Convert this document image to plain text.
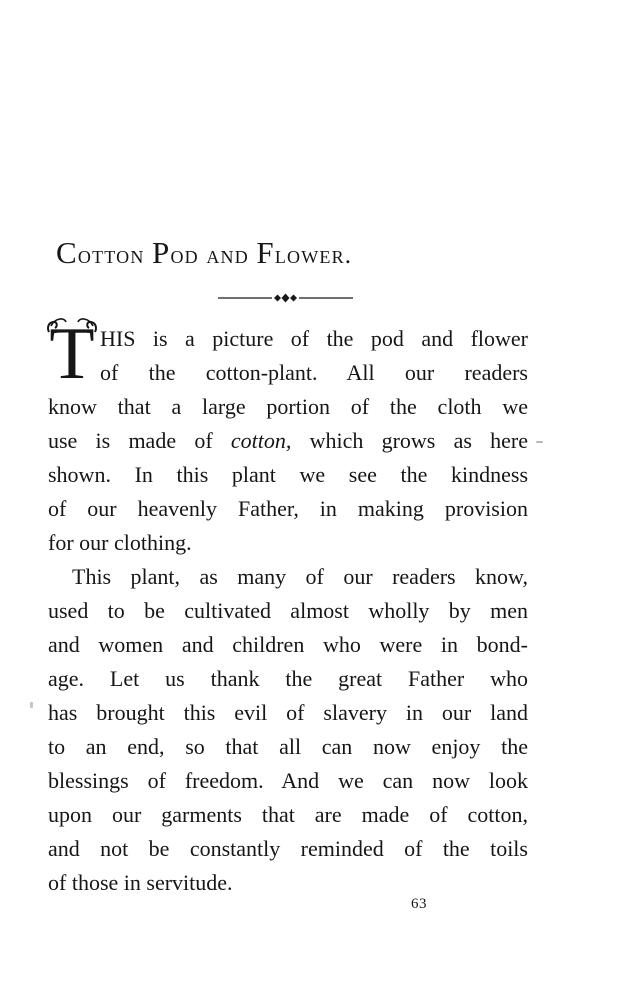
Cotton Pod and Flower.
T HIS is a picture of the pod and flower
of the cotton-plant. All our readers
know that a large portion of the cloth we
use is made of cotton, which grows as here
shown. In this plant we see the kindness
of our heavenly Father, in making provision
for our clothing.
This plant, as many of our readers know,
used to be cultivated almost wholly by men
and women and children who were in bond-
age. Let us thank the great Father who
has brought this evil of slavery in our land
to an end, so that all can now enjoy the
blessings of freedom. And we can now look
upon our garments that are made of cotton,
and not be constantly reminded of the toils
of those in servitude.
63
